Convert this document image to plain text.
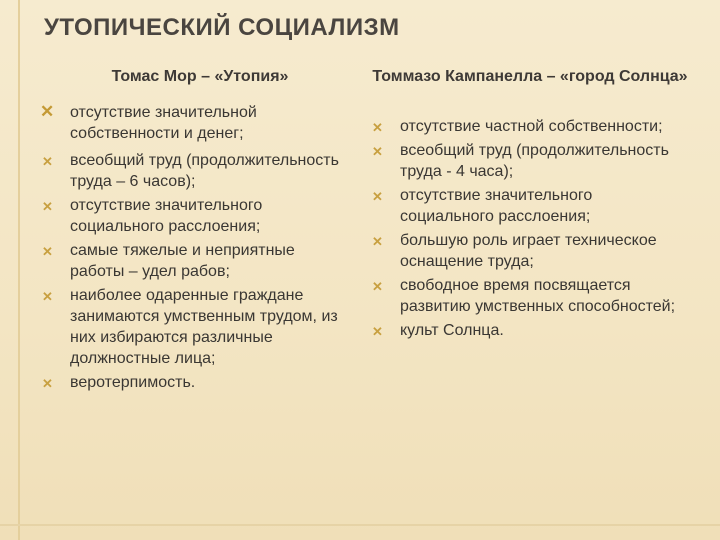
УТОПИЧЕСКИЙ СОЦИАЛИЗМ
Томас Мор – «Утопия»	Томмазо Кампанелла – «город Солнца»
✕ отсутствие значительной собственности и денег;
✕ всеобщий труд (продолжительность труда – 6 часов);
✕ отсутствие значительного социального расслоения;
✕ самые тяжелые и неприятные работы – удел рабов;
✕ наиболее одаренные граждане занимаются умственным трудом, из них избираются различные должностные лица;
✕ веротерпимость.
✕ отсутствие частной собственности;
✕ всеобщий труд (продолжительность труда - 4 часа);
✕ отсутствие значительного социального расслоения;
✕ большую роль играет техническое оснащение труда;
✕ свободное время посвящается развитию умственных способностей;
✕ культ Солнца.
